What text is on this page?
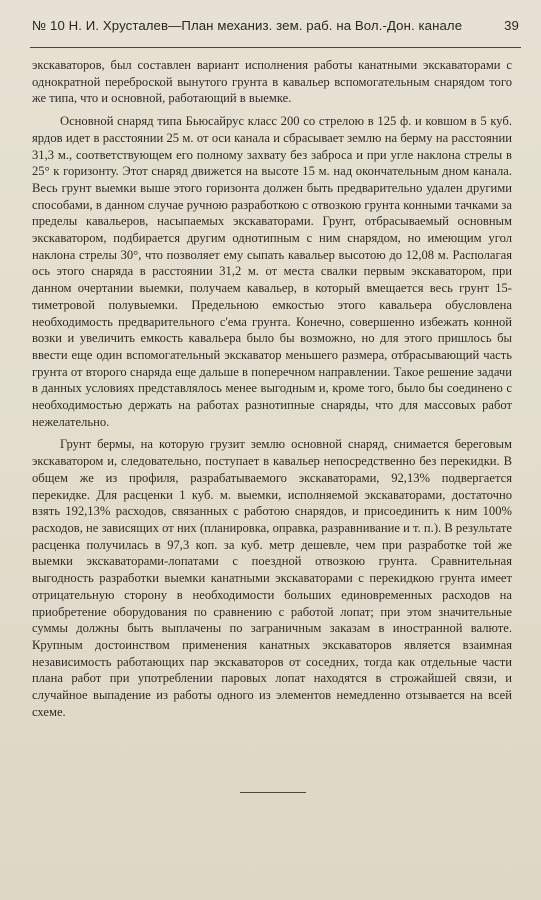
№ 10 Н. И. Хрусталев—План механиз. зем. раб. на Вол.-Дон. канале	39

экскаваторов, был составлен вариант исполнения работы канатными экскаваторами с однократной переброской вынутого грунта в кавальер вспомогательным снарядом того же типа, что и основной, работающий в выемке.

Основной снаряд типа Бьюсайрус класс 200 со стрелою в 125 ф. и ковшом в 5 куб. ярдов идет в расстоянии 25 м. от оси канала и сбрасывает землю на берму на расстоянии 31,3 м., соответствующем его полному захвату без заброса и при угле наклона стрелы в 25° к горизонту. Этот снаряд движется на высоте 15 м. над окончательным дном канала. Весь грунт выемки выше этого горизонта должен быть предварительно удален другими способами, в данном случае ручною разработкою с отвозкою грунта конными тачками за пределы кавальеров, насыпаемых экскаваторами. Грунт, отбрасываемый основным экскаватором, подбирается другим однотипным с ним снарядом, но имеющим угол наклона стрелы 30°, что позволяет ему сыпать кавальер высотою до 12,08 м. Располагая ось этого снаряда в расстоянии 31,2 м. от места свалки первым экскаватором, при данном очертании выемки, получаем кавальер, в который вмещается весь грунт 15-тиметровой полувыемки. Предельною емкостью этого кавальера обусловлена необходимость предварительного с'ема грунта. Конечно, совершенно избежать конной возки и увеличить емкость кавальера было бы возможно, но для этого пришлось бы ввести еще один вспомогательный экскаватор меньшего размера, отбрасывающий часть грунта от второго снаряда еще дальше в поперечном направлении. Такое решение задачи в данных условиях представлялось менее выгодным и, кроме того, было бы соединено с необходимостью держать на работах разнотипные снаряды, что для массовых работ нежелательно.

Грунт бермы, на которую грузит землю основной снаряд, снимается береговым экскаватором и, следовательно, поступает в кавальер непосредственно без перекидки. В общем же из профиля, разрабатываемого экскаваторами, 92,13% подвергается перекидке. Для расценки 1 куб. м. выемки, исполняемой экскаваторами, достаточно взять 192,13% расходов, связанных с работою снарядов, и присоединить к ним 100% расходов, не зависящих от них (планировка, оправка, разравнивание и т. п.). В результате расценка получилась в 97,3 коп. за куб. метр дешевле, чем при разработке той же выемки экскаваторами-лопатами с поездной отвозкою грунта. Сравнительная выгодность разработки выемки канатными экскаваторами с перекидкою грунта имеет отрицательную сторону в необходимости больших единовременных расходов на приобретение оборудования по сравнению с работой лопат; при этом значительные суммы должны быть выплачены по заграничным заказам в иностранной валюте. Крупным достоинством применения канатных экскаваторов является взаимная независимость работающих пар экскаваторов от соседних, тогда как отдельные части плана работ при употреблении паровых лопат находятся в строжайшей связи, и случайное выпадение из работы одного из элементов немедленно отзывается на всей схеме.
